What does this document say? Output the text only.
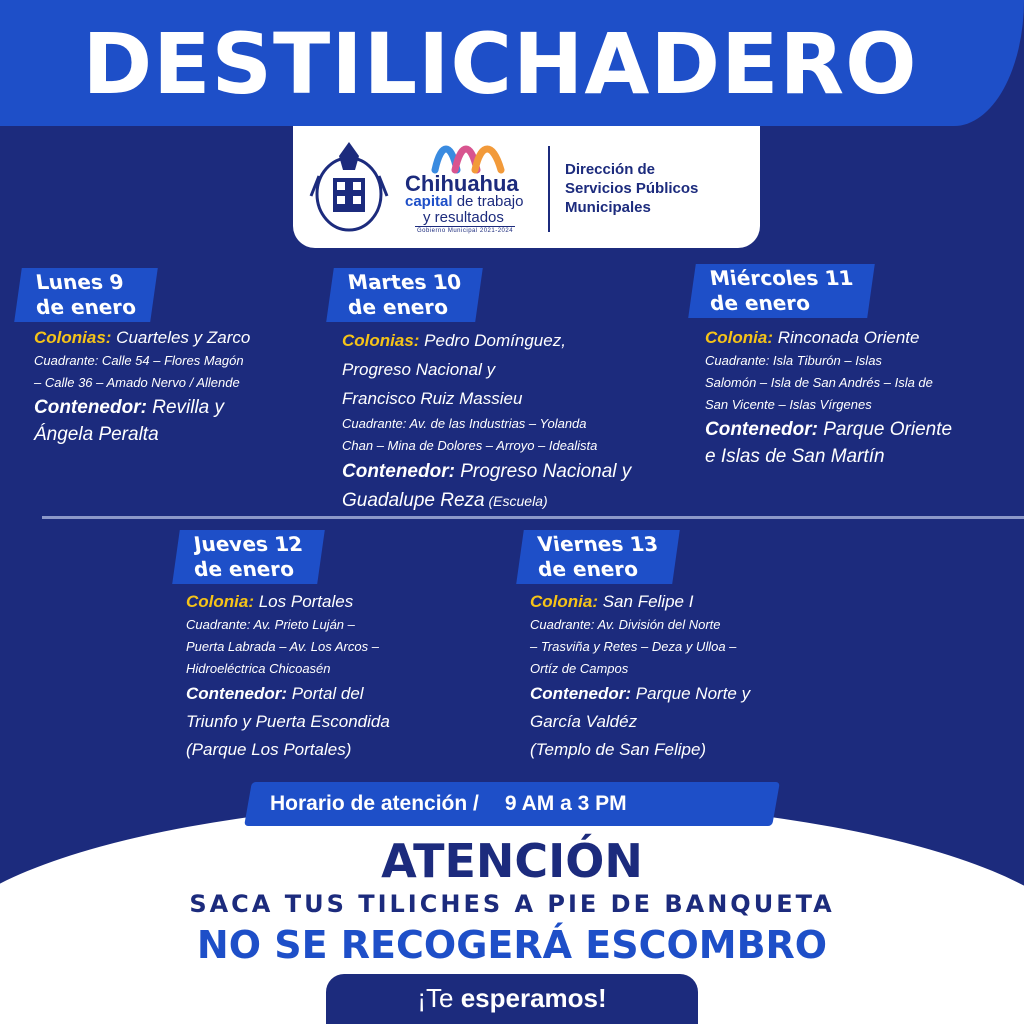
DESTILICHADERO
Chihuahua
capital de trabajo
y resultados
Gobierno Municipal 2021-2024
Dirección de
Servicios Públicos
Municipales
Lunes 9
de enero
Colonias: Cuarteles y Zarco
Cuadrante: Calle 54 – Flores Magón
– Calle 36 – Amado Nervo / Allende
Contenedor: Revilla y
Ángela Peralta
Martes 10
de enero
Colonias: Pedro Domínguez,
Progreso Nacional y
Francisco Ruiz Massieu
Cuadrante: Av. de las Industrias – Yolanda
Chan – Mina de Dolores – Arroyo – Idealista
Contenedor: Progreso Nacional y
Guadalupe Reza (Escuela)
Miércoles 11
de enero
Colonia: Rinconada Oriente
Cuadrante: Isla Tiburón – Islas
Salomón – Isla de San Andrés – Isla de
San Vicente – Islas Vírgenes
Contenedor: Parque Oriente
e Islas de San Martín
Jueves 12
de enero
Colonia: Los Portales
Cuadrante: Av. Prieto Luján –
Puerta Labrada – Av. Los Arcos –
Hidroeléctrica Chicoasén
Contenedor: Portal del
Triunfo y Puerta Escondida
(Parque Los Portales)
Viernes 13
de enero
Colonia: San Felipe I
Cuadrante: Av. División del Norte
– Trasviña y Retes – Deza y Ulloa –
Ortíz de Campos
Contenedor: Parque Norte y
García Valdéz
(Templo de San Felipe)
Horario de atención / 9 AM a 3 PM
ATENCIÓN
SACA TUS TILICHES A PIE DE BANQUETA
NO SE RECOGERÁ ESCOMBRO
¡Te esperamos!
